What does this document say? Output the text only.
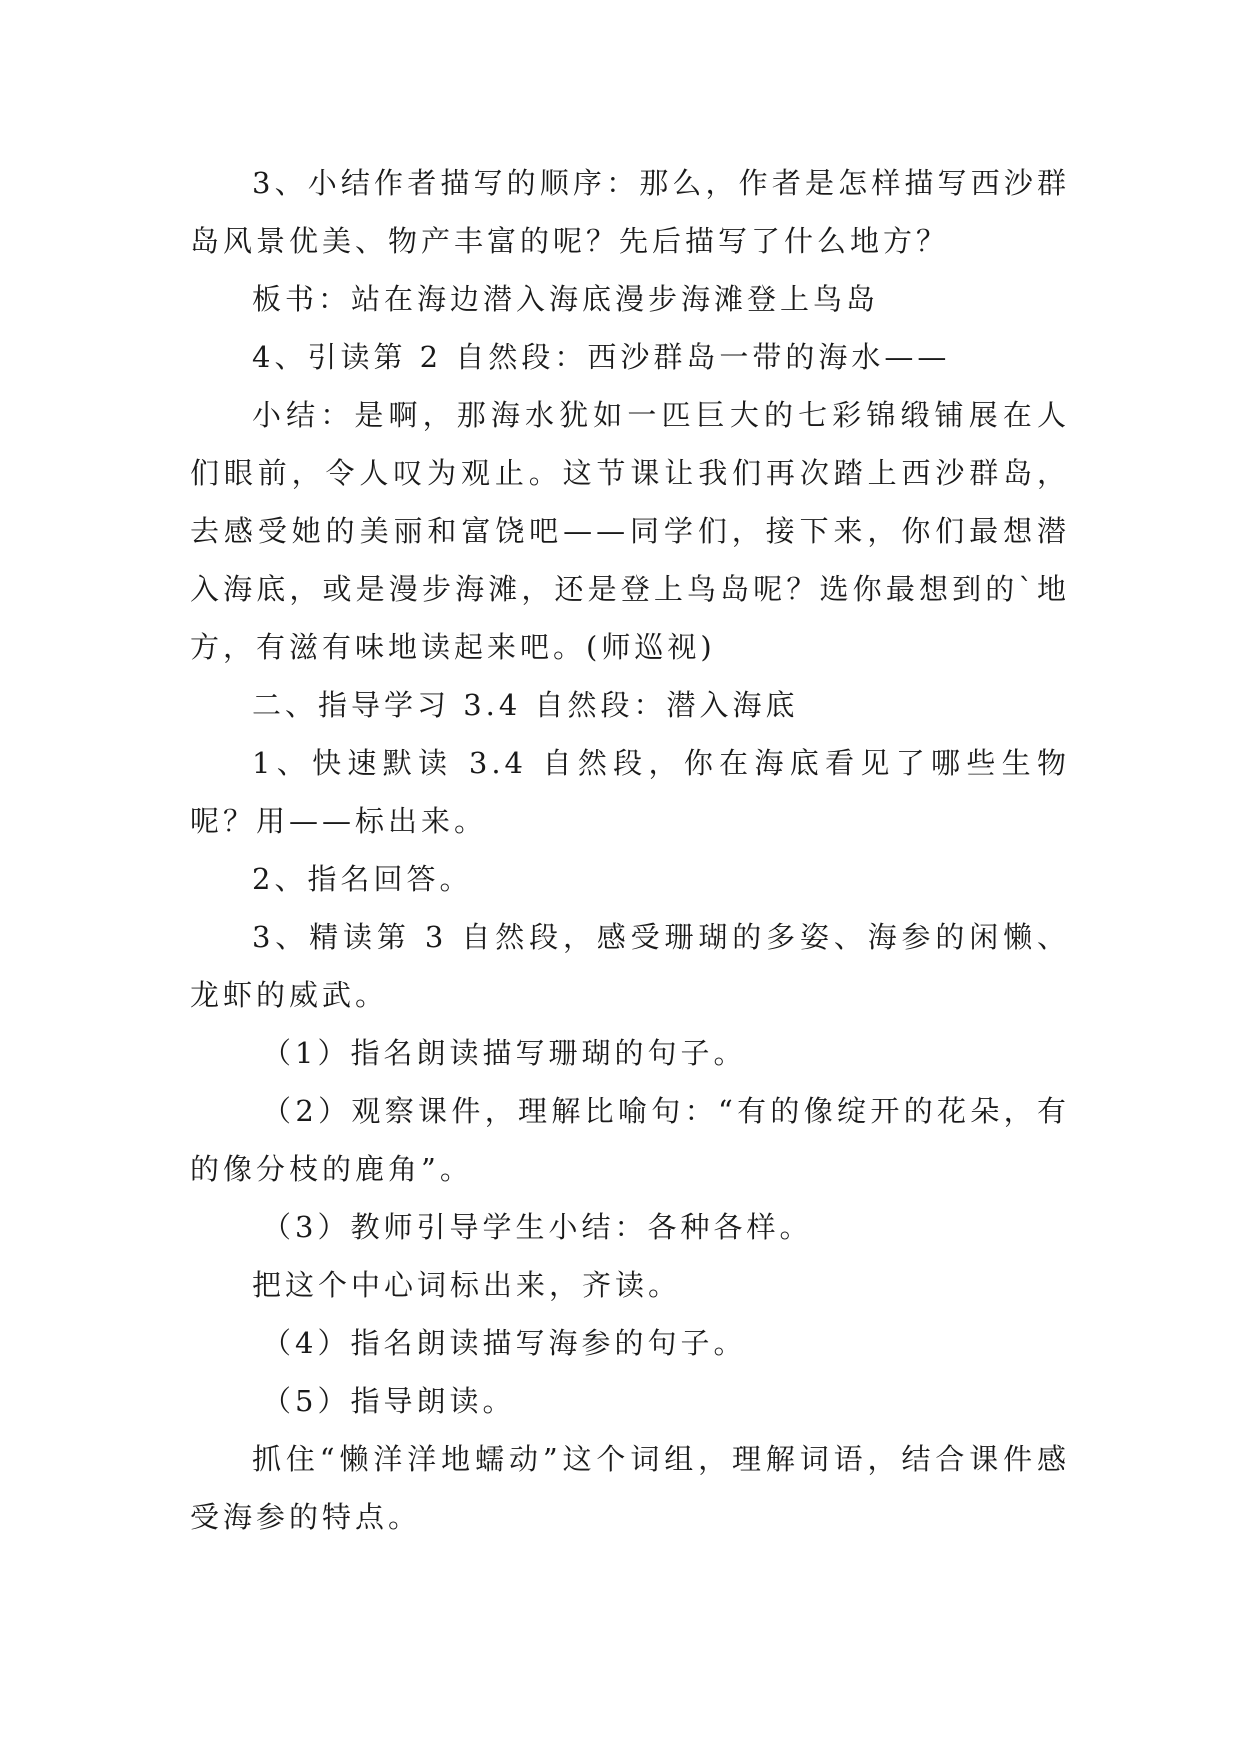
3、小结作者描写的顺序：那么，作者是怎样描写西沙群岛风景优美、物产丰富的呢？先后描写了什么地方？

板书：站在海边潜入海底漫步海滩登上鸟岛

4、引读第 2 自然段：西沙群岛一带的海水——

小结：是啊，那海水犹如一匹巨大的七彩锦缎铺展在人们眼前，令人叹为观止。这节课让我们再次踏上西沙群岛，去感受她的美丽和富饶吧——同学们，接下来，你们最想潜入海底，或是漫步海滩，还是登上鸟岛呢？选你最想到的`地方，有滋有味地读起来吧。(师巡视)

二、指导学习 3.4 自然段：潜入海底

1、快速默读 3.4 自然段，你在海底看见了哪些生物呢？用——标出来。

2、指名回答。

3、精读第 3 自然段，感受珊瑚的多姿、海参的闲懒、龙虾的威武。

（1）指名朗读描写珊瑚的句子。

（2）观察课件，理解比喻句：“有的像绽开的花朵，有的像分枝的鹿角”。

（3）教师引导学生小结：各种各样。

把这个中心词标出来，齐读。

（4）指名朗读描写海参的句子。

（5）指导朗读。

抓住“懒洋洋地蠕动”这个词组，理解词语，结合课件感受海参的特点。
